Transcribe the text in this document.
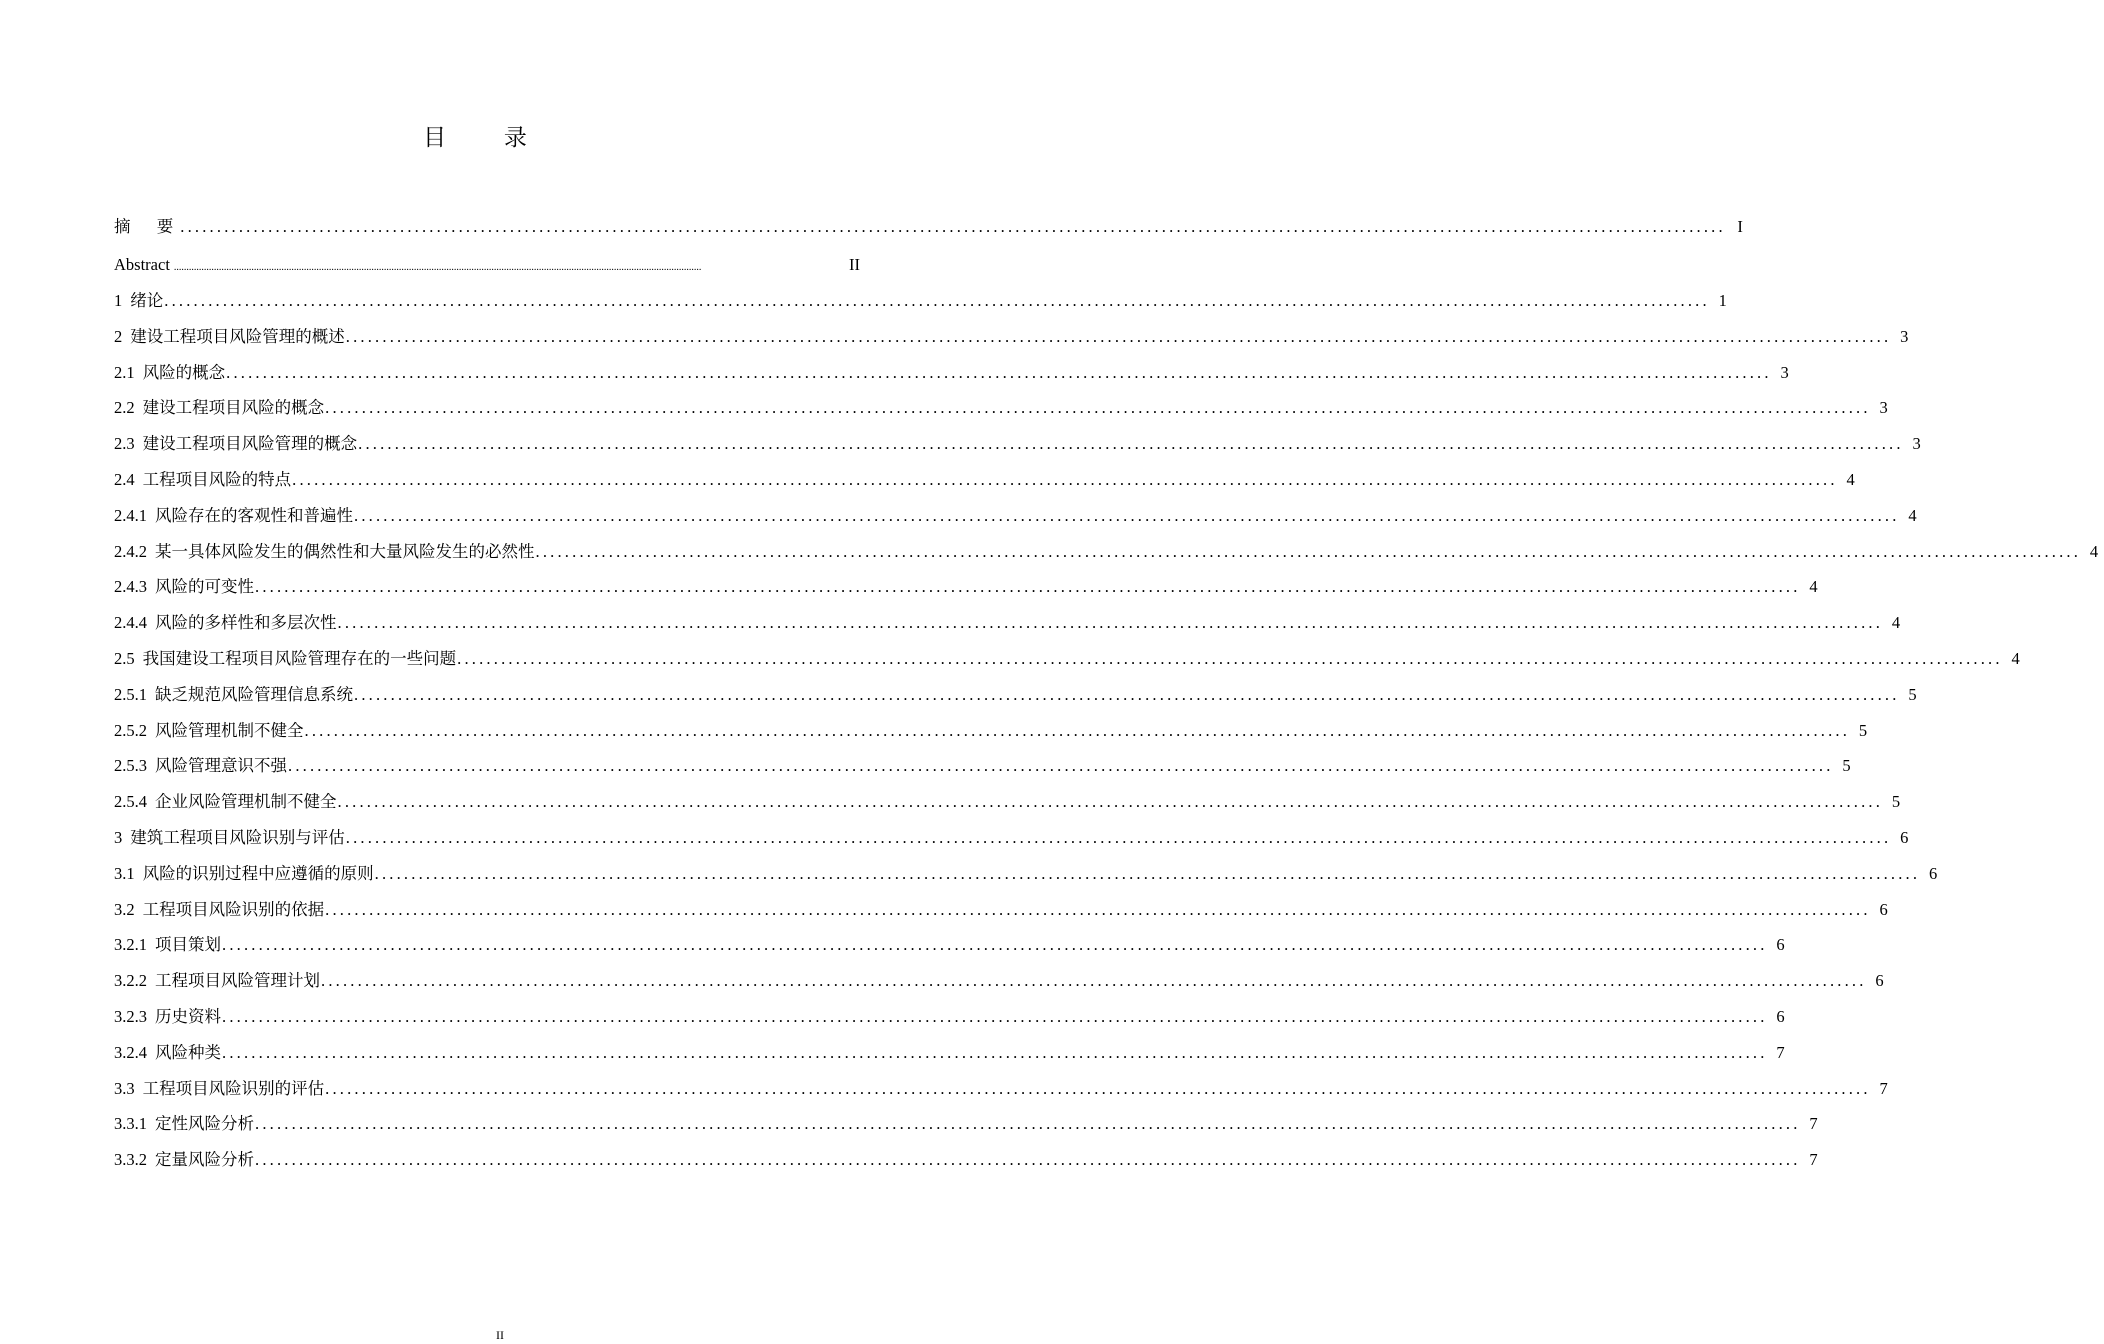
目 录
摘  要 ................................................................................................................................................................................................................... I
Abstract ...................................................................................................................................................................................................................	II
1 绪论 ................................................................................................................................................................................................................... 1
2 建设工程项目风险管理的概述 ................................................................................................................................................................................................................... 3
2.1 风险的概念 ................................................................................................................................................................................................................... 3
2.2 建设工程项目风险的概念 ................................................................................................................................................................................................................... 3
2.3 建设工程项目风险管理的概念 ................................................................................................................................................................................................................... 3
2.4 工程项目风险的特点 ................................................................................................................................................................................................................... 4
2.4.1 风险存在的客观性和普遍性 ................................................................................................................................................................................................................... 4
2.4.2 某一具体风险发生的偶然性和大量风险发生的必然性 ................................................................................................................................................................................................................... 4
2.4.3 风险的可变性 ................................................................................................................................................................................................................... 4
2.4.4 风险的多样性和多层次性 ................................................................................................................................................................................................................... 4
2.5 我国建设工程项目风险管理存在的一些问题 ................................................................................................................................................................................................................... 4
2.5.1 缺乏规范风险管理信息系统 ................................................................................................................................................................................................................... 5
2.5.2 风险管理机制不健全 ................................................................................................................................................................................................................... 5
2.5.3 风险管理意识不强 ................................................................................................................................................................................................................... 5
2.5.4 企业风险管理机制不健全 ................................................................................................................................................................................................................... 5
3 建筑工程项目风险识别与评估 ................................................................................................................................................................................................................... 6
3.1 风险的识别过程中应遵循的原则 ................................................................................................................................................................................................................... 6
3.2 工程项目风险识别的依据 ................................................................................................................................................................................................................... 6
3.2.1 项目策划 ................................................................................................................................................................................................................... 6
3.2.2 工程项目风险管理计划 ................................................................................................................................................................................................................... 6
3.2.3 历史资料 ................................................................................................................................................................................................................... 6
3.2.4 风险种类 ................................................................................................................................................................................................................... 7
3.3 工程项目风险识别的评估 ................................................................................................................................................................................................................... 7
3.3.1 定性风险分析 ................................................................................................................................................................................................................... 7
3.3.2 定量风险分析 ................................................................................................................................................................................................................... 7
II
